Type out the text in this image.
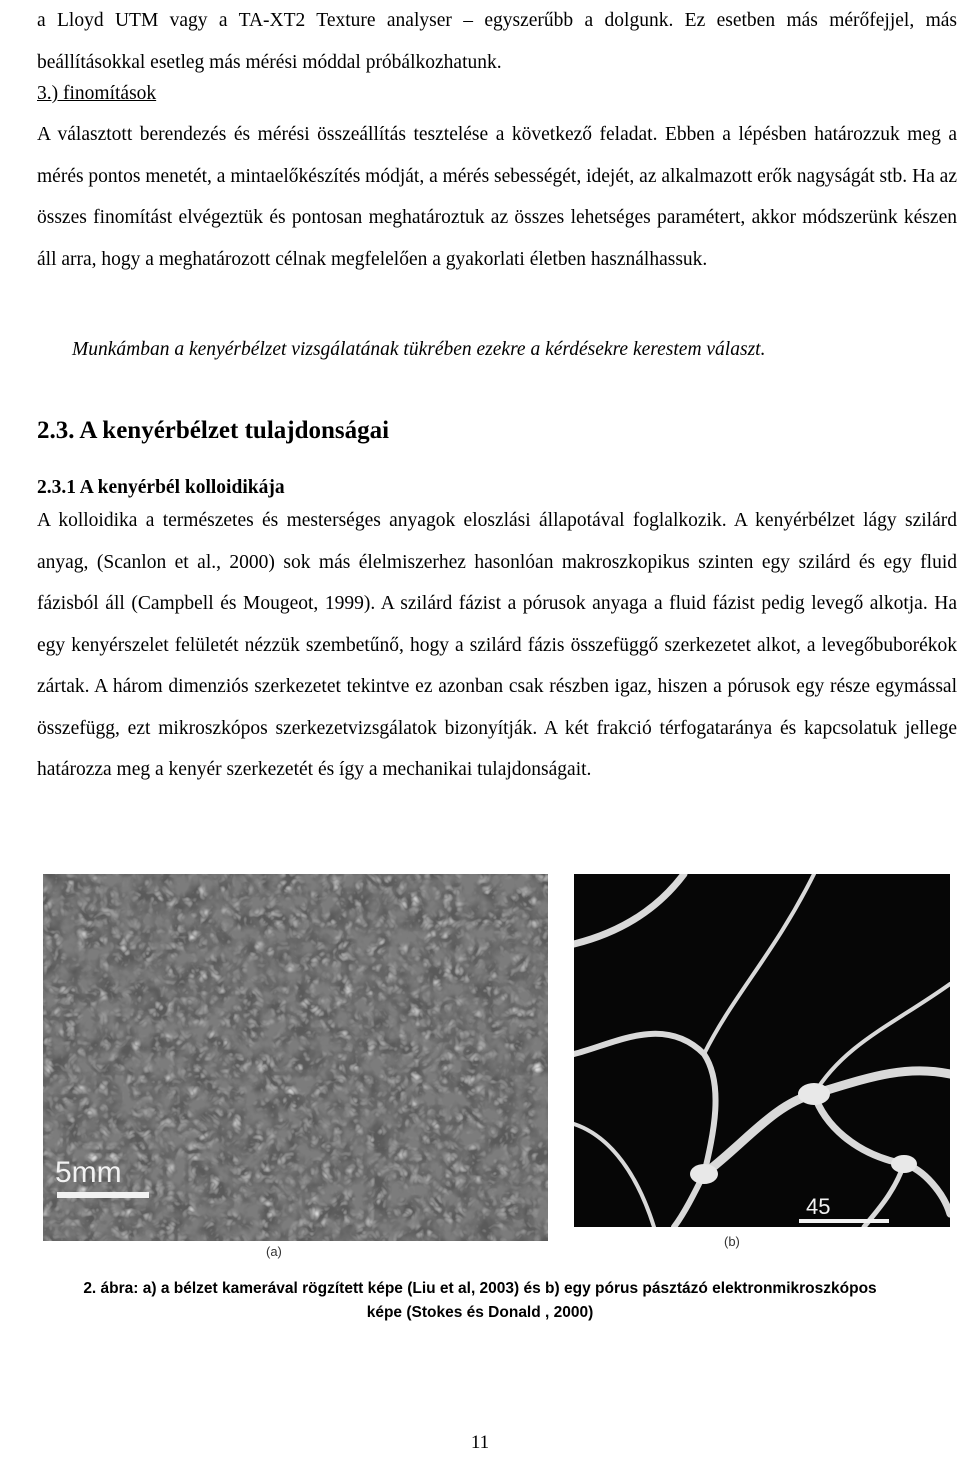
a Lloyd UTM vagy a TA-XT2 Texture analyser – egyszerűbb a dolgunk. Ez esetben más mérőfejjel, más beállításokkal esetleg más mérési móddal próbálkozhatunk.

3.) finomítások

A választott berendezés és mérési összeállítás tesztelése a következő feladat. Ebben a lépésben határozzuk meg a mérés pontos menetét, a mintaelőkészítés módját, a mérés sebességét, idejét, az alkalmazott erők nagyságát stb. Ha az összes finomítást elvégeztük és pontosan meghatároztuk az összes lehetséges paramétert, akkor módszerünk készen áll arra, hogy a meghatározott célnak megfelelően a gyakorlati életben használhassuk.

Munkámban a kenyérbélzet vizsgálatának tükrében ezekre a kérdésekre kerestem választ.

2.3. A kenyérbélzet tulajdonságai
2.3.1 A kenyérbél kolloidikája

A kolloidika a természetes és mesterséges anyagok eloszlási állapotával foglalkozik. A kenyérbélzet lágy szilárd anyag, (Scanlon et al., 2000) sok más élelmiszerhez hasonlóan makroszkopikus szinten egy szilárd és egy fluid fázisból áll (Campbell és Mougeot, 1999). A szilárd fázist a pórusok anyaga a fluid fázist pedig levegő alkotja. Ha egy kenyérszelet felületét nézzük szembetűnő, hogy a szilárd fázis összefüggő szerkezetet alkot, a levegőbuborékok zártak. A három dimenziós szerkezetet tekintve ez azonban csak részben igaz, hiszen a pórusok egy része egymással összefügg, ezt mikroszkópos szerkezetvizsgálatok bizonyítják. A két frakció térfogataránya és kapcsolatuk jellege határozza meg a kenyér szerkezetét és így a mechanikai tulajdonságait.

5mm
(a)
45
(b)
2. ábra: a) a bélzet kamerával rögzített képe (Liu et al, 2003) és b) egy pórus pásztázó elektronmikroszkópos
képe (Stokes és Donald , 2000)

11
